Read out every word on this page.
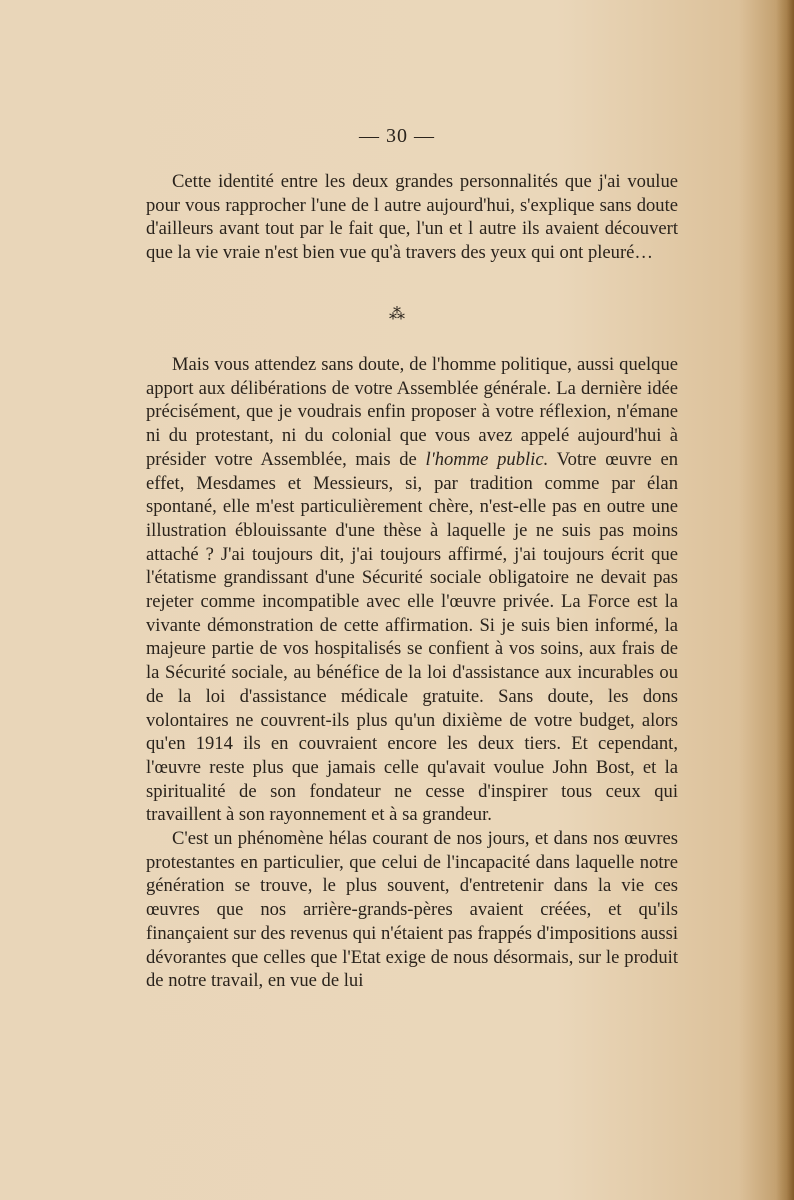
— 30 —

Cette identité entre les deux grandes personnalités que j'ai voulue pour vous rapprocher l'une de l autre aujourd'hui, s'explique sans doute d'ailleurs avant tout par le fait que, l'un et l autre ils avaient découvert que la vie vraie n'est bien vue qu'à travers des yeux qui ont pleuré…

⁂

Mais vous attendez sans doute, de l'homme politique, aussi quelque apport aux délibérations de votre Assemblée générale. La dernière idée précisément, que je voudrais enfin proposer à votre réflexion, n'émane ni du protestant, ni du colonial que vous avez appelé aujourd'hui à présider votre Assemblée, mais de l'homme public. Votre œuvre en effet, Mesdames et Messieurs, si, par tradition comme par élan spontané, elle m'est particulièrement chère, n'est-elle pas en outre une illustration éblouissante d'une thèse à laquelle je ne suis pas moins attaché ? J'ai toujours dit, j'ai toujours affirmé, j'ai toujours écrit que l'étatisme grandissant d'une Sécurité sociale obligatoire ne devait pas rejeter comme incompatible avec elle l'œuvre privée. La Force est la vivante démonstration de cette affirmation. Si je suis bien informé, la majeure partie de vos hospitalisés se confient à vos soins, aux frais de la Sécurité sociale, au bénéfice de la loi d'assistance aux incurables ou de la loi d'assistance médicale gratuite. Sans doute, les dons volontaires ne couvrent-ils plus qu'un dixième de votre budget, alors qu'en 1914 ils en couvraient encore les deux tiers. Et cependant, l'œuvre reste plus que jamais celle qu'avait voulue John Bost, et la spiritualité de son fondateur ne cesse d'inspirer tous ceux qui travaillent à son rayonnement et à sa grandeur.

C'est un phénomène hélas courant de nos jours, et dans nos œuvres protestantes en particulier, que celui de l'incapacité dans laquelle notre génération se trouve, le plus souvent, d'entretenir dans la vie ces œuvres que nos arrière-grands-pères avaient créées, et qu'ils finançaient sur des revenus qui n'étaient pas frappés d'impositions aussi dévorantes que celles que l'Etat exige de nous désormais, sur le produit de notre travail, en vue de lui
